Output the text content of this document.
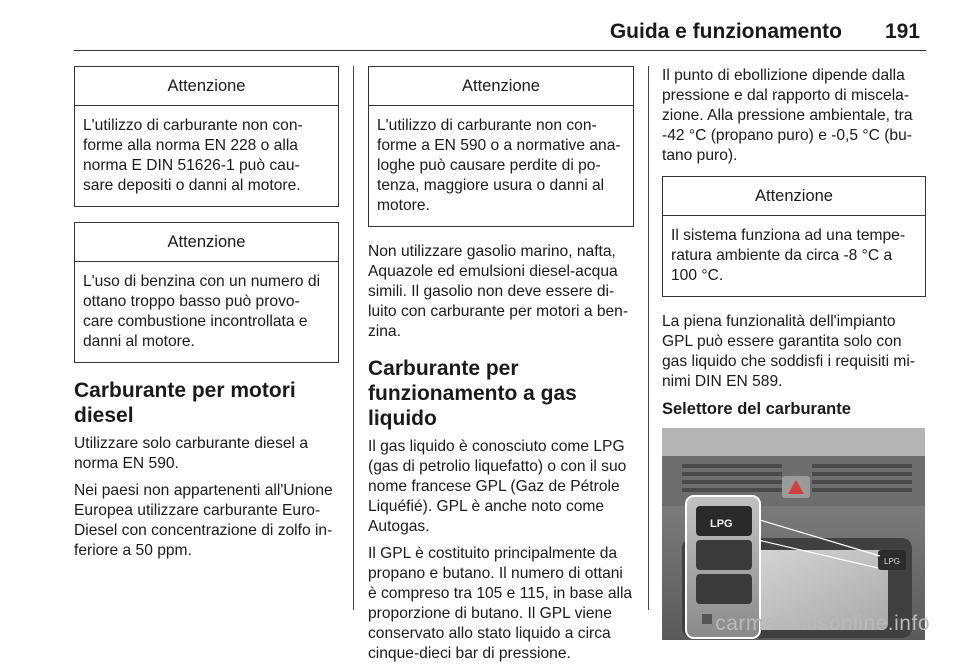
Guida e funzionamento	191
Attenzione
L'utilizzo di carburante non con-forme alla norma EN 228 o alla norma E DIN 51626-1 può cau-sare depositi o danni al motore.
Attenzione
L'uso di benzina con un numero di ottano troppo basso può provo-care combustione incontrollata e danni al motore.
Carburante per motori diesel

Utilizzare solo carburante diesel a norma EN 590.

Nei paesi non appartenenti all'Unione Europea utilizzare carburante Euro-Diesel con concentrazione di zolfo in-feriore a 50 ppm.

Attenzione
L'utilizzo di carburante non con-forme a EN 590 o a normative ana-loghe può causare perdite di po-tenza, maggiore usura o danni al motore.

Non utilizzare gasolio marino, nafta, Aquazole ed emulsioni diesel-acqua simili. Il gasolio non deve essere di-luito con carburante per motori a ben-zina.

Carburante per funzionamento a gas liquido

Il gas liquido è conosciuto come LPG (gas di petrolio liquefatto) o con il suo nome francese GPL (Gaz de Pétrole Liquéfié). GPL è anche noto come Autogas.

Il GPL è costituito principalmente da propano e butano. Il numero di ottani è compreso tra 105 e 115, in base alla proporzione di butano. Il GPL viene conservato allo stato liquido a circa cinque-dieci bar di pressione.

Il punto di ebollizione dipende dalla pressione e dal rapporto di miscela-zione. Alla pressione ambientale, tra -42 °C (propano puro) e -0,5 °C (bu-tano puro).

Attenzione
Il sistema funziona ad una tempe-ratura ambiente da circa -8 °C a 100 °C.

La piena funzionalità dell'impianto GPL può essere garantita solo con gas liquido che soddisfi i requisiti mi-nimi DIN EN 589.

Selettore del carburante
LPG
LPG
carmanualsonline.info
